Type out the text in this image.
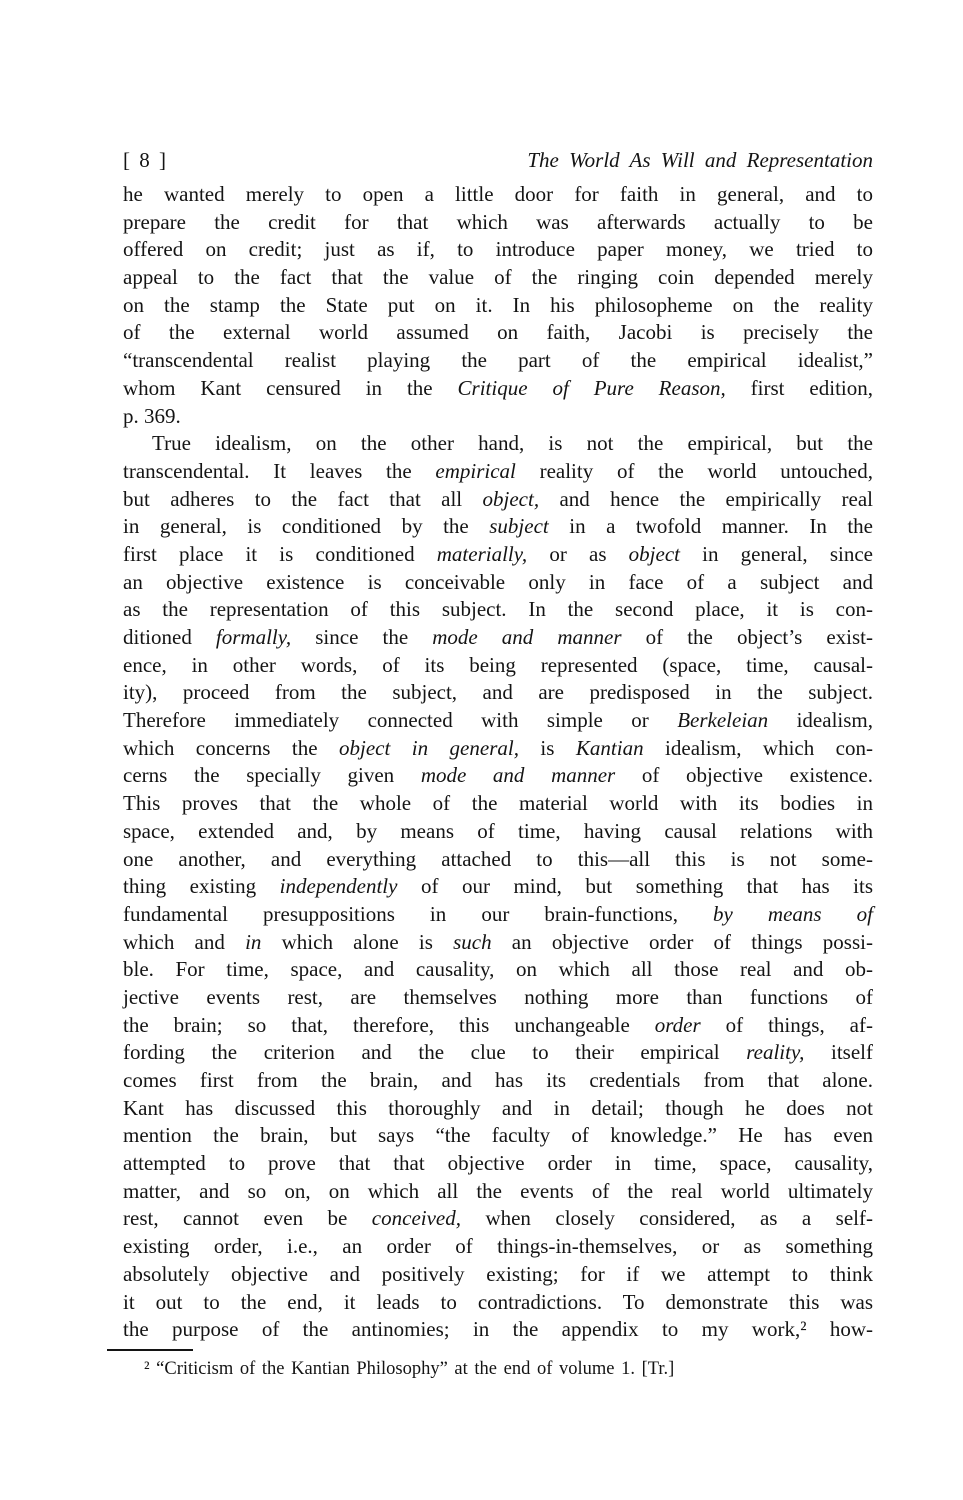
[ 8 ]	The World As Will and Representation
he wanted merely to open a little door for faith in general, and to
prepare the credit for that which was afterwards actually to be
offered on credit; just as if, to introduce paper money, we tried to
appeal to the fact that the value of the ringing coin depended merely
on the stamp the State put on it. In his philosopheme on the reality
of the external world assumed on faith, Jacobi is precisely the
“transcendental realist playing the part of the empirical idealist,”
whom Kant censured in the Critique of Pure Reason, first edition,
p. 369.
True idealism, on the other hand, is not the empirical, but the
transcendental. It leaves the empirical reality of the world untouched,
but adheres to the fact that all object, and hence the empirically real
in general, is conditioned by the subject in a twofold manner. In the
first place it is conditioned materially, or as object in general, since
an objective existence is conceivable only in face of a subject and
as the representation of this subject. In the second place, it is con-
ditioned formally, since the mode and manner of the object’s exist-
ence, in other words, of its being represented (space, time, causal-
ity), proceed from the subject, and are predisposed in the subject.
Therefore immediately connected with simple or Berkeleian idealism,
which concerns the object in general, is Kantian idealism, which con-
cerns the specially given mode and manner of objective existence.
This proves that the whole of the material world with its bodies in
space, extended and, by means of time, having causal relations with
one another, and everything attached to this—all this is not some-
thing existing independently of our mind, but something that has its
fundamental presuppositions in our brain-functions, by means of
which and in which alone is such an objective order of things possi-
ble. For time, space, and causality, on which all those real and ob-
jective events rest, are themselves nothing more than functions of
the brain; so that, therefore, this unchangeable order of things, af-
fording the criterion and the clue to their empirical reality, itself
comes first from the brain, and has its credentials from that alone.
Kant has discussed this thoroughly and in detail; though he does not
mention the brain, but says “the faculty of knowledge.” He has even
attempted to prove that that objective order in time, space, causality,
matter, and so on, on which all the events of the real world ultimately
rest, cannot even be conceived, when closely considered, as a self-
existing order, i.e., an order of things-in-themselves, or as something
absolutely objective and positively existing; for if we attempt to think
it out to the end, it leads to contradictions. To demonstrate this was
the purpose of the antinomies; in the appendix to my work,² how-
² “Criticism of the Kantian Philosophy” at the end of volume 1. [Tr.]
